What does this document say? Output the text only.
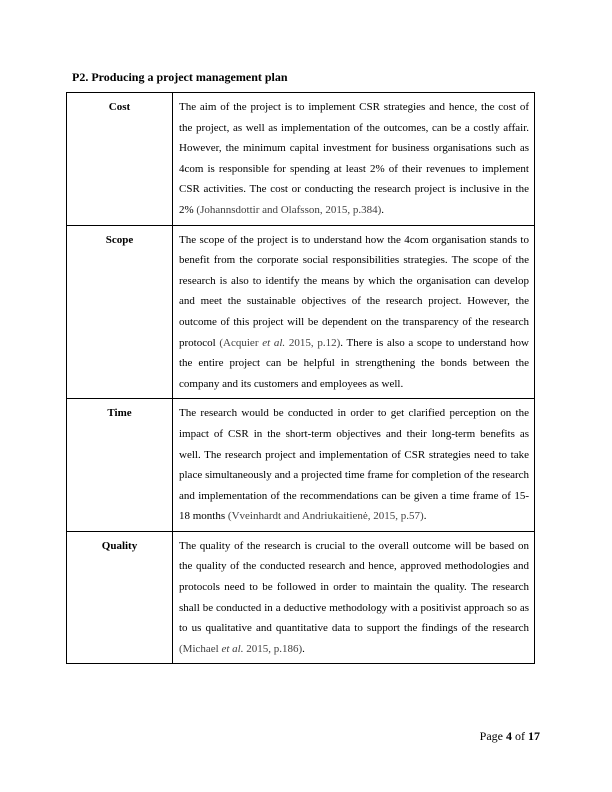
P2. Producing a project management plan

Cost	The aim of the project is to implement CSR strategies and hence, the cost of the project, as well as implementation of the outcomes, can be a costly affair. However, the minimum capital investment for business organisations such as 4com is responsible for spending at least 2% of their revenues to implement CSR activities. The cost or conducting the research project is inclusive in the 2% (Johannsdottir and Olafsson, 2015, p.384).
Scope	The scope of the project is to understand how the 4com organisation stands to benefit from the corporate social responsibilities strategies. The scope of the research is also to identify the means by which the organisation can develop and meet the sustainable objectives of the research project. However, the outcome of this project will be dependent on the transparency of the research protocol (Acquier et al. 2015, p.12). There is also a scope to understand how the entire project can be helpful in strengthening the bonds between the company and its customers and employees as well.
Time	The research would be conducted in order to get clarified perception on the impact of CSR in the short-term objectives and their long-term benefits as well. The research project and implementation of CSR strategies need to take place simultaneously and a projected time frame for completion of the research and implementation of the recommendations can be given a time frame of 15-18 months (Vveinhardt and Andriukaitienė, 2015, p.57).
Quality	The quality of the research is crucial to the overall outcome will be based on the quality of the conducted research and hence, approved methodologies and protocols need to be followed in order to maintain the quality. The research shall be conducted in a deductive methodology with a positivist approach so as to us qualitative and quantitative data to support the findings of the research (Michael et al. 2015, p.186).
Page 4 of 17
